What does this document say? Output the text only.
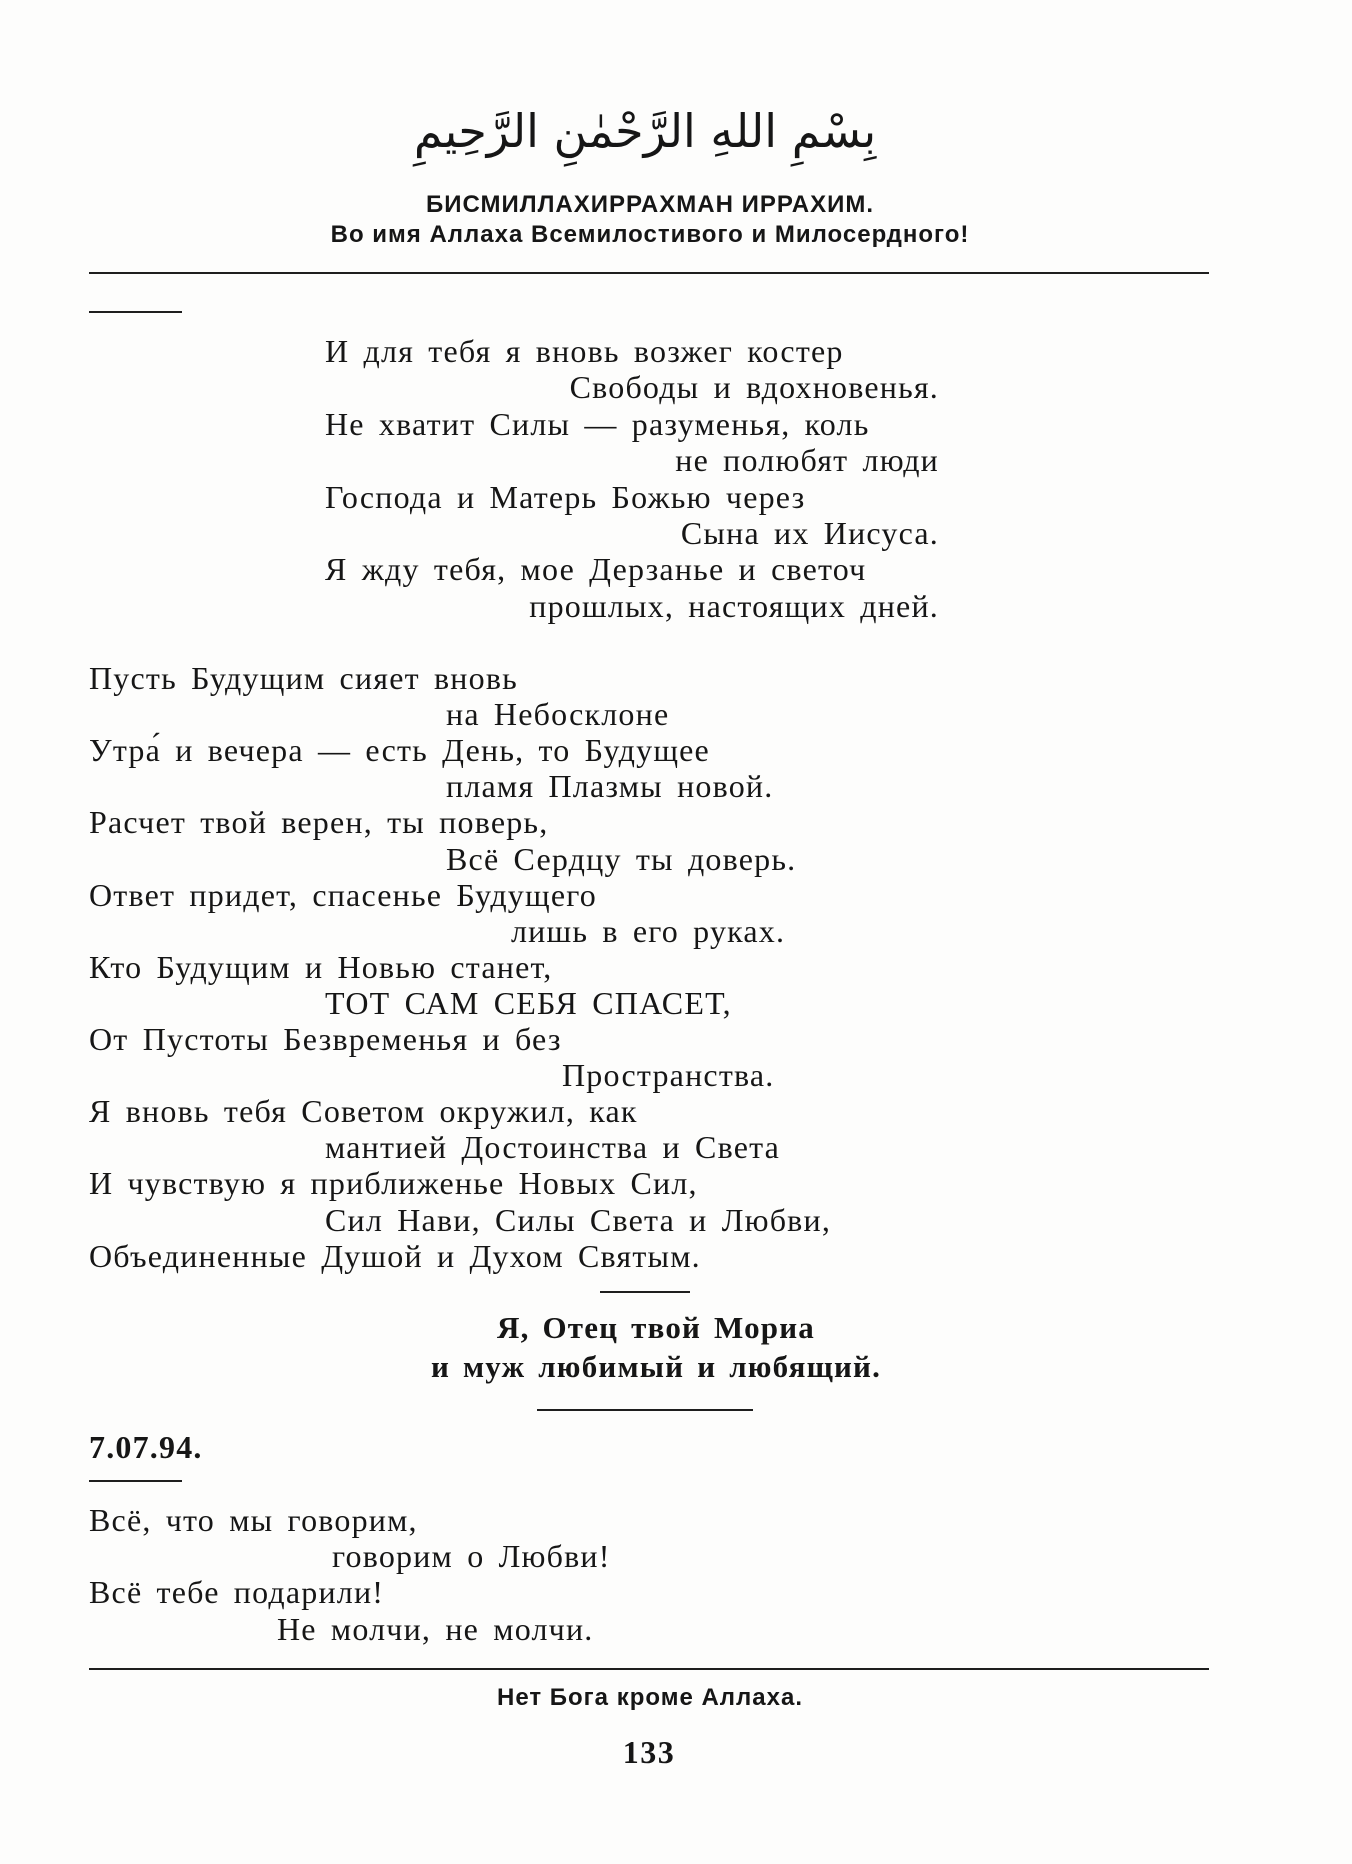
بِسْمِ اللهِ الرَّحْمٰنِ الرَّحِيمِ
БИСМИЛЛАХИРРАХМАН ИРРАХИМ.
Во имя Аллаха Всемилостивого и Милосердного!
И для тебя я вновь возжег костер
Свободы и вдохновенья.
Не хватит Силы — разуменья, коль
не полюбят люди
Господа и Матерь Божью через
Сына их Иисуса.
Я жду тебя, мое Дерзанье и светоч
прошлых, настоящих дней.
Пусть Будущим сияет вновь
на Небосклоне
Утра́ и вечера — есть День, то Будущее
пламя Плазмы новой.
Расчет твой верен, ты поверь,
Всё Сердцу ты доверь.
Ответ придет, спасенье Будущего
лишь в его руках.
Кто Будущим и Новью станет,
ТОТ САМ СЕБЯ СПАСЕТ,
От Пустоты Безвременья и без
Пространства.
Я вновь тебя Советом окружил, как
мантией Достоинства и Света
И чувствую я приближенье Новых Сил,
Сил Нави, Силы Света и Любви,
Объединенные Душой и Духом Святым.
Я, Отец твой Мориа
и муж любимый и любящий.
7.07.94.
Всё, что мы говорим,
говорим о Любви!
Всё тебе подарили!
Не молчи, не молчи.
Нет Бога кроме Аллаха.
133
